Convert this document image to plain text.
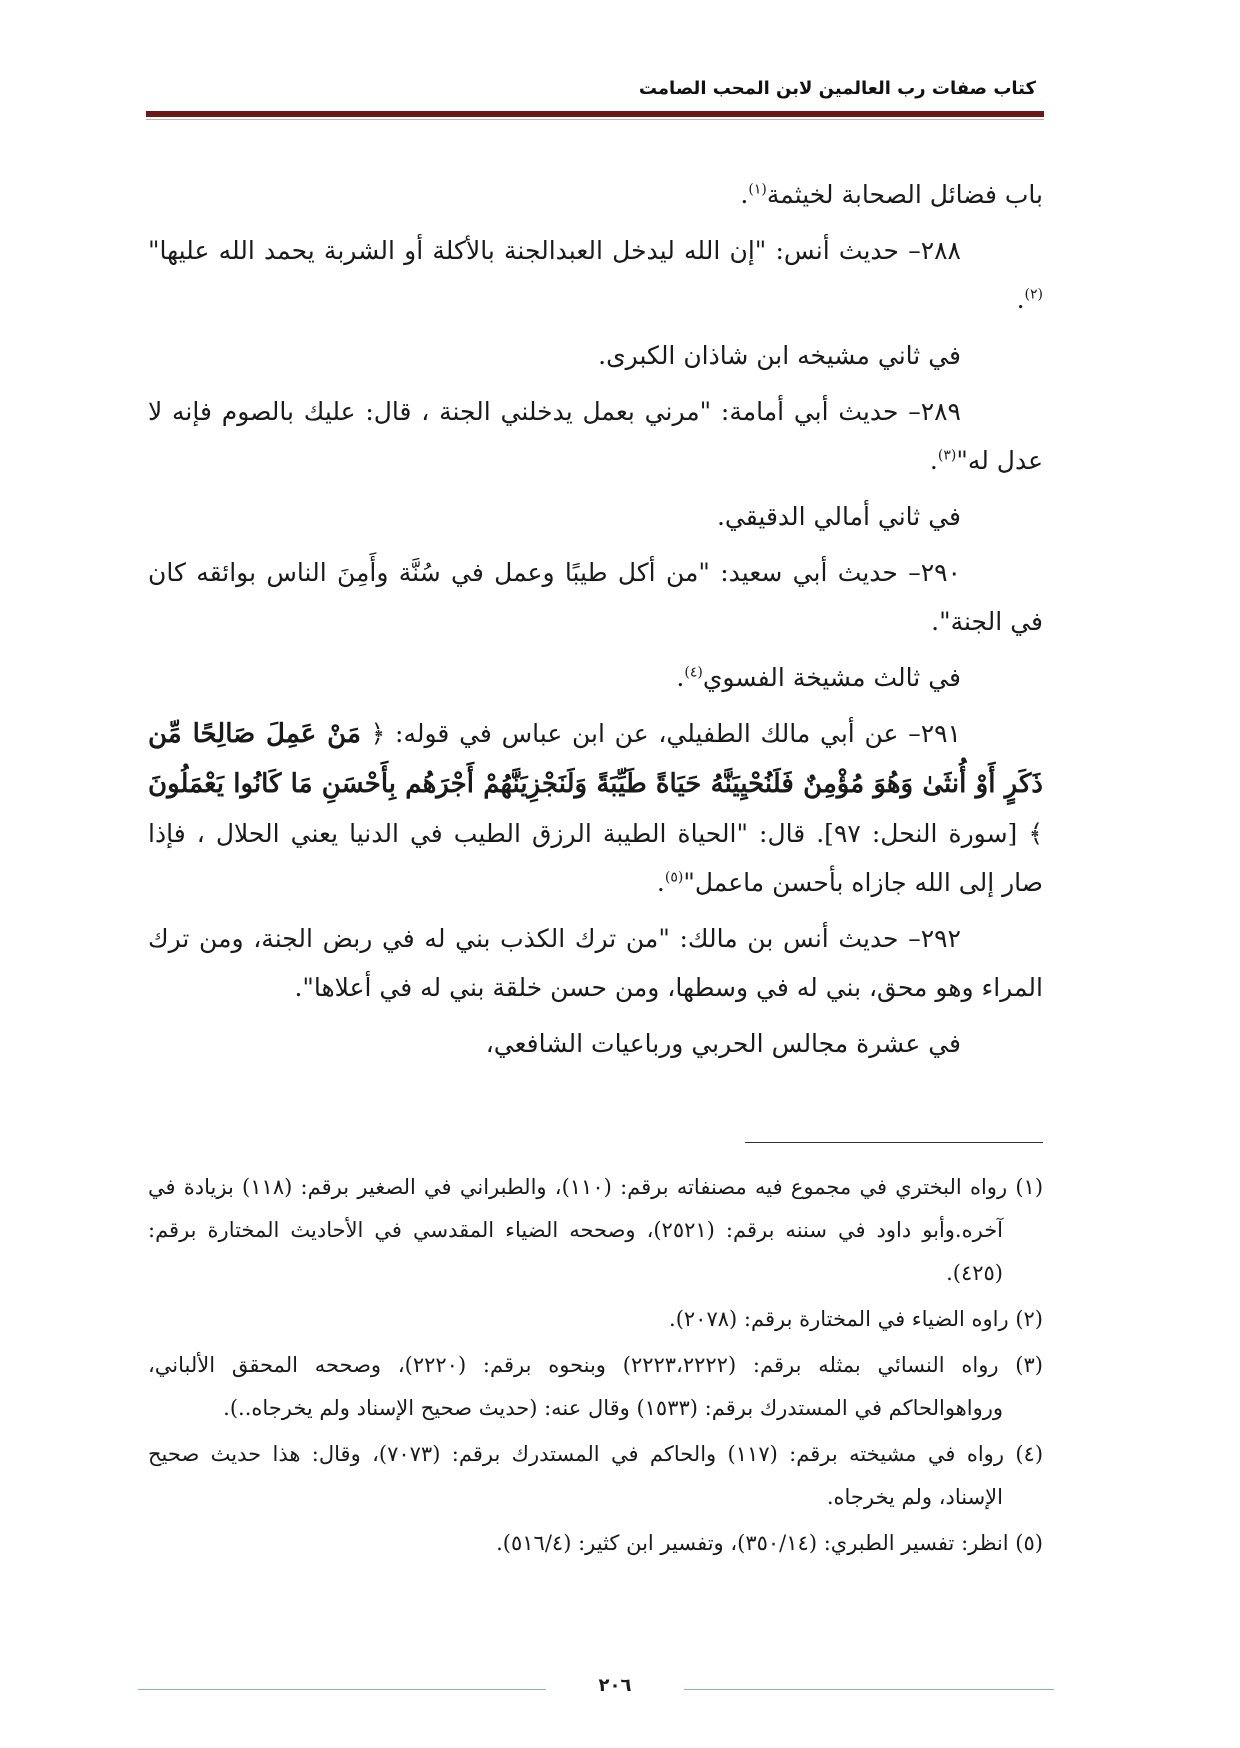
كتاب صفات رب العالمين لابن المحب الصامت

باب فضائل الصحابة لخيثمة$^{(١)}$.

٢٨٨– حديث أنس: "إن الله ليدخل العبدالجنة بالأكلة أو الشربة يحمد الله عليها"$^{(٢)}$.

في ثاني مشيخه ابن شاذان الكبرى.

٢٨٩– حديث أبي أمامة: "مرني بعمل يدخلني الجنة ، قال: عليك بالصوم فإنه لا عدل له"$^{(٣)}$.

في ثاني أمالي الدقيقي.

٢٩٠– حديث أبي سعيد: "من أكل طيبًا وعمل في سُنَّة وأَمِنَ الناس بوائقه كان في الجنة".

في ثالث مشيخة الفسوي$^{(٤)}$.

٢٩١– عن أبي مالك الطفيلي، عن ابن عباس في قوله: ﴿ مَنْ عَمِلَ صَالِحًا مِّن ذَكَرٍ أَوْ أُنثَىٰ وَهُوَ مُؤْمِنٌ فَلَنُحْيِيَنَّهُ حَيَاةً طَيِّبَةً وَلَنَجْزِيَنَّهُمْ أَجْرَهُم بِأَحْسَنِ مَا كَانُوا يَعْمَلُونَ ﴾ [سورة النحل: ٩٧]. قال: "الحياة الطيبة الرزق الطيب في الدنيا يعني الحلال ، فإذا صار إلى الله جازاه بأحسن ماعمل"$^{(٥)}$.

٢٩٢– حديث أنس بن مالك: "من ترك الكذب بني له في ربض الجنة، ومن ترك المراء وهو محق، بني له في وسطها، ومن حسن خلقة بني له في أعلاها".

في عشرة مجالس الحربي ورباعيات الشافعي،

(١) رواه البختري في مجموع فيه مصنفاته برقم: (١١٠)، والطبراني في الصغير برقم: (١١٨) بزيادة في آخره.وأبو داود في سننه برقم: (٢٥٢١)، وصححه الضياء المقدسي في الأحاديث المختارة برقم: (٤٢٥).

(٢) راوه الضياء في المختارة برقم: (٢٠٧٨).

(٣) رواه النسائي بمثله برقم: (٢٢٢٣،٢٢٢٢) وبنحوه برقم: (٢٢٢٠)، وصححه المحقق الألباني، ورواهوالحاكم في المستدرك برقم: (١٥٣٣) وقال عنه: (حديث صحيح الإسناد ولم يخرجاه..).

(٤) رواه في مشيخته برقم: (١١٧) والحاكم في المستدرك برقم: (٧٠٧٣)، وقال: هذا حديث صحيح الإسناد، ولم يخرجاه.

(٥) انظر: تفسير الطبري: (٣٥٠/١٤)، وتفسير ابن كثير: (٥١٦/٤).

٢٠٦
